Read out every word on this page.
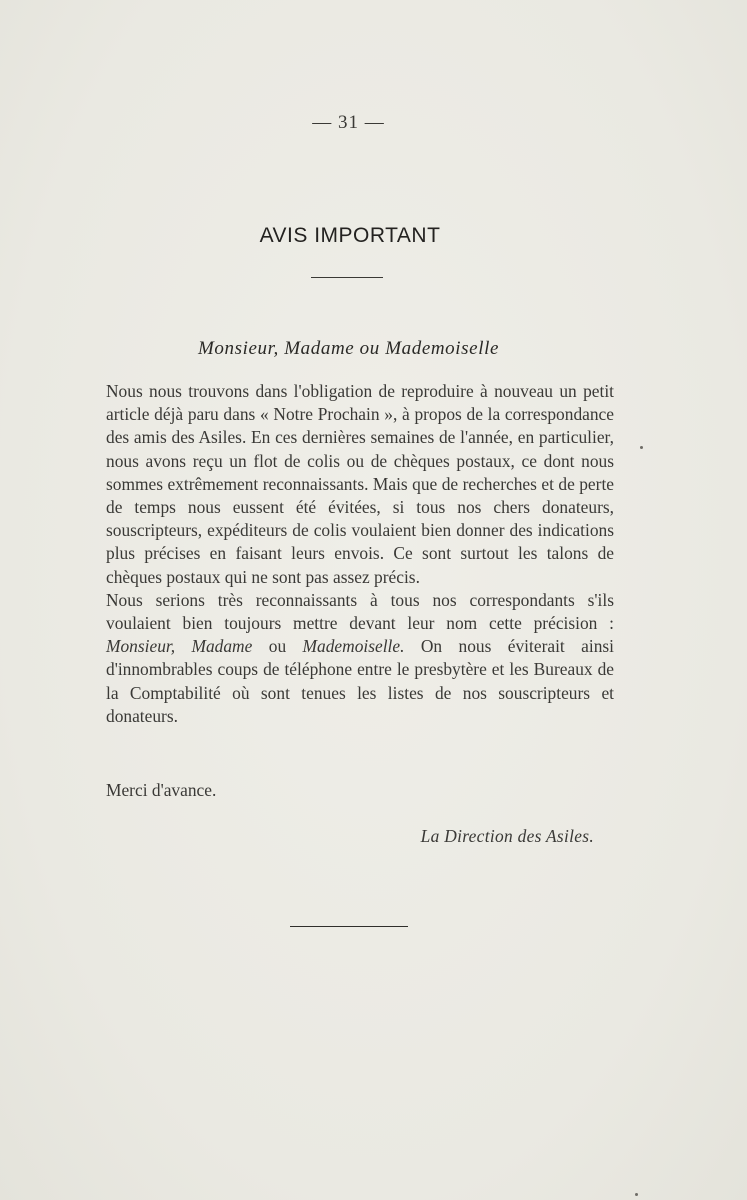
— 31 —
AVIS IMPORTANT
Monsieur, Madame ou Mademoiselle

Nous nous trouvons dans l'obligation de reproduire à nouveau un petit article déjà paru dans « Notre Prochain », à propos de la correspondance des amis des Asiles. En ces dernières semaines de l'année, en particulier, nous avons reçu un flot de colis ou de chèques postaux, ce dont nous sommes extrêmement reconnaissants. Mais que de recherches et de perte de temps nous eussent été évitées, si tous nos chers donateurs, souscripteurs, expéditeurs de colis voulaient bien donner des indications plus précises en faisant leurs envois. Ce sont surtout les talons de chèques postaux qui ne sont pas assez précis.

Nous serions très reconnaissants à tous nos correspondants s'ils voulaient bien toujours mettre devant leur nom cette précision : Monsieur, Madame ou Mademoiselle. On nous éviterait ainsi d'innombrables coups de téléphone entre le presbytère et les Bureaux de la Comptabilité où sont tenues les listes de nos souscripteurs et donateurs.

Merci d'avance.
La Direction des Asiles.
